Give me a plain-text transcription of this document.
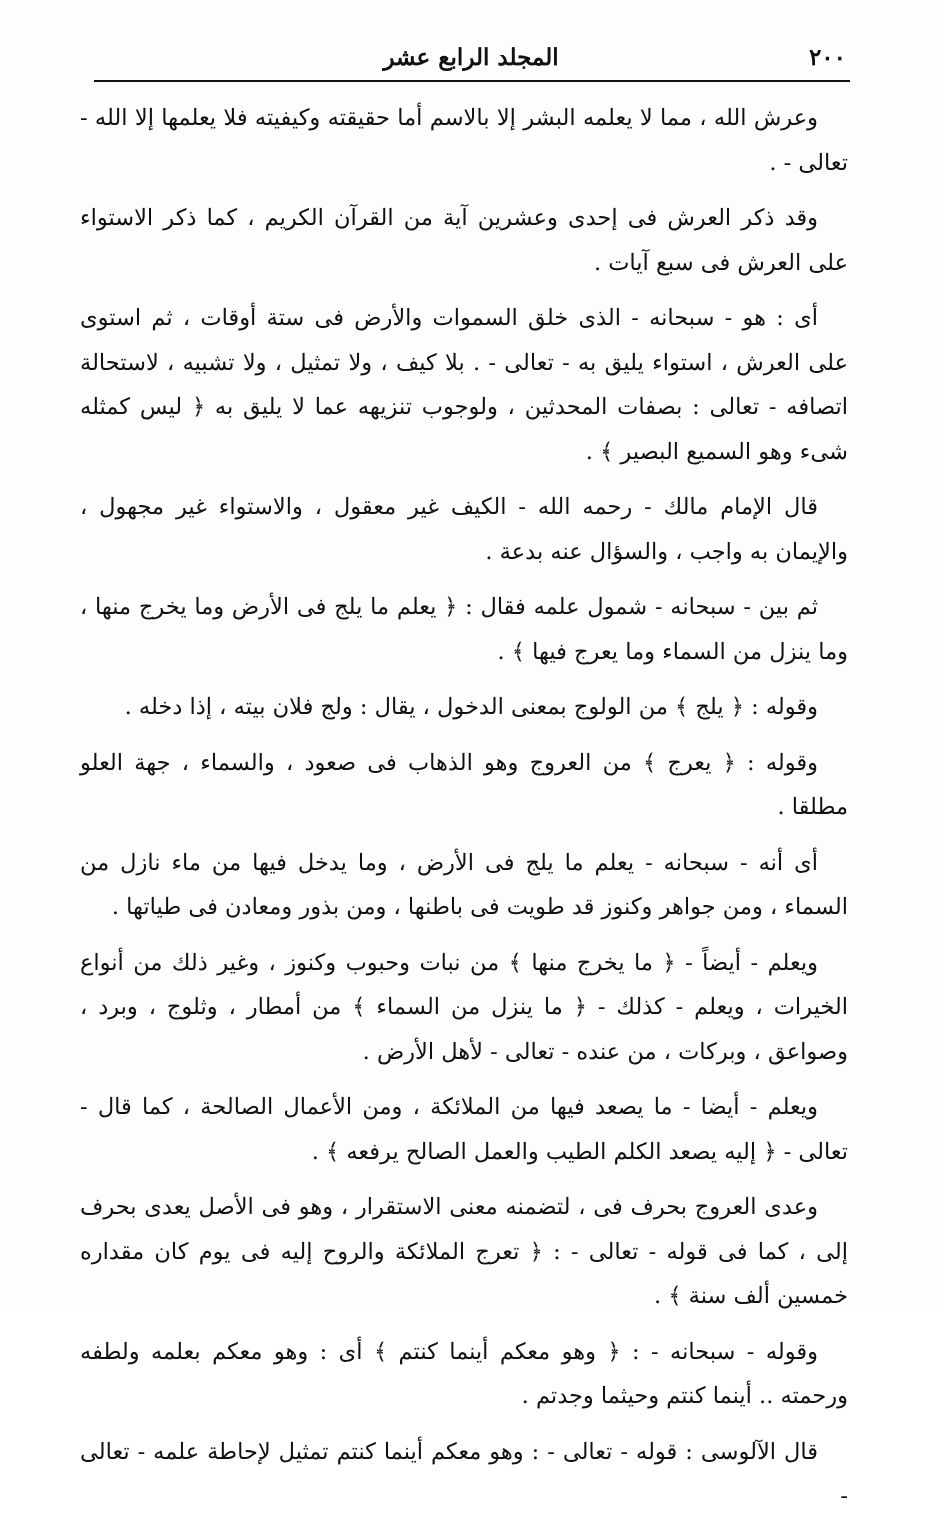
٢٠٠
المجلد الرابع عشر

وعرش الله ، مما لا يعلمه البشر إلا بالاسم أما حقيقته وكيفيته فلا يعلمها إلا الله - تعالى - .

وقد ذكر العرش فى إحدى وعشرين آية من القرآن الكريم ، كما ذكر الاستواء على العرش فى سبع آيات .

أى : هو - سبحانه - الذى خلق السموات والأرض فى ستة أوقات ، ثم استوى على العرش ، استواء يليق به - تعالى - . بلا كيف ، ولا تمثيل ، ولا تشبيه ، لاستحالة اتصافه - تعالى : بصفات المحدثين ، ولوجوب تنزيهه عما لا يليق به ﴿ ليس كمثله شىء وهو السميع البصير ﴾ .

قال الإمام مالك - رحمه الله - الكيف غير معقول ، والاستواء غير مجهول ، والإيمان به واجب ، والسؤال عنه بدعة .

ثم بين - سبحانه - شمول علمه فقال : ﴿ يعلم ما يلج فى الأرض وما يخرج منها ، وما ينزل من السماء وما يعرج فيها ﴾ .

وقوله : ﴿ يلج ﴾ من الولوج بمعنى الدخول ، يقال : ولج فلان بيته ، إذا دخله .

وقوله : ﴿ يعرج ﴾ من العروج وهو الذهاب فى صعود ، والسماء ، جهة العلو مطلقا .

أى أنه - سبحانه - يعلم ما يلج فى الأرض ، وما يدخل فيها من ماء نازل من السماء ، ومن جواهر وكنوز قد طويت فى باطنها ، ومن بذور ومعادن فى طياتها .

ويعلم - أيضاً - ﴿ ما يخرج منها ﴾ من نبات وحبوب وكنوز ، وغير ذلك من أنواع الخيرات ، ويعلم - كذلك - ﴿ ما ينزل من السماء ﴾ من أمطار ، وثلوج ، وبرد ، وصواعق ، وبركات ، من عنده - تعالى - لأهل الأرض .

ويعلم - أيضا - ما يصعد فيها من الملائكة ، ومن الأعمال الصالحة ، كما قال - تعالى - ﴿ إليه يصعد الكلم الطيب والعمل الصالح يرفعه ﴾ .

وعدى العروج بحرف فى ، لتضمنه معنى الاستقرار ، وهو فى الأصل يعدى بحرف إلى ، كما فى قوله - تعالى - : ﴿ تعرج الملائكة والروح إليه فى يوم كان مقداره خمسين ألف سنة ﴾ .

وقوله - سبحانه - : ﴿ وهو معكم أينما كنتم ﴾ أى : وهو معكم بعلمه ولطفه ورحمته .. أينما كنتم وحيثما وجدتم .

قال الآلوسى : قوله - تعالى - : وهو معكم أينما كنتم تمثيل لإحاطة علمه - تعالى -
